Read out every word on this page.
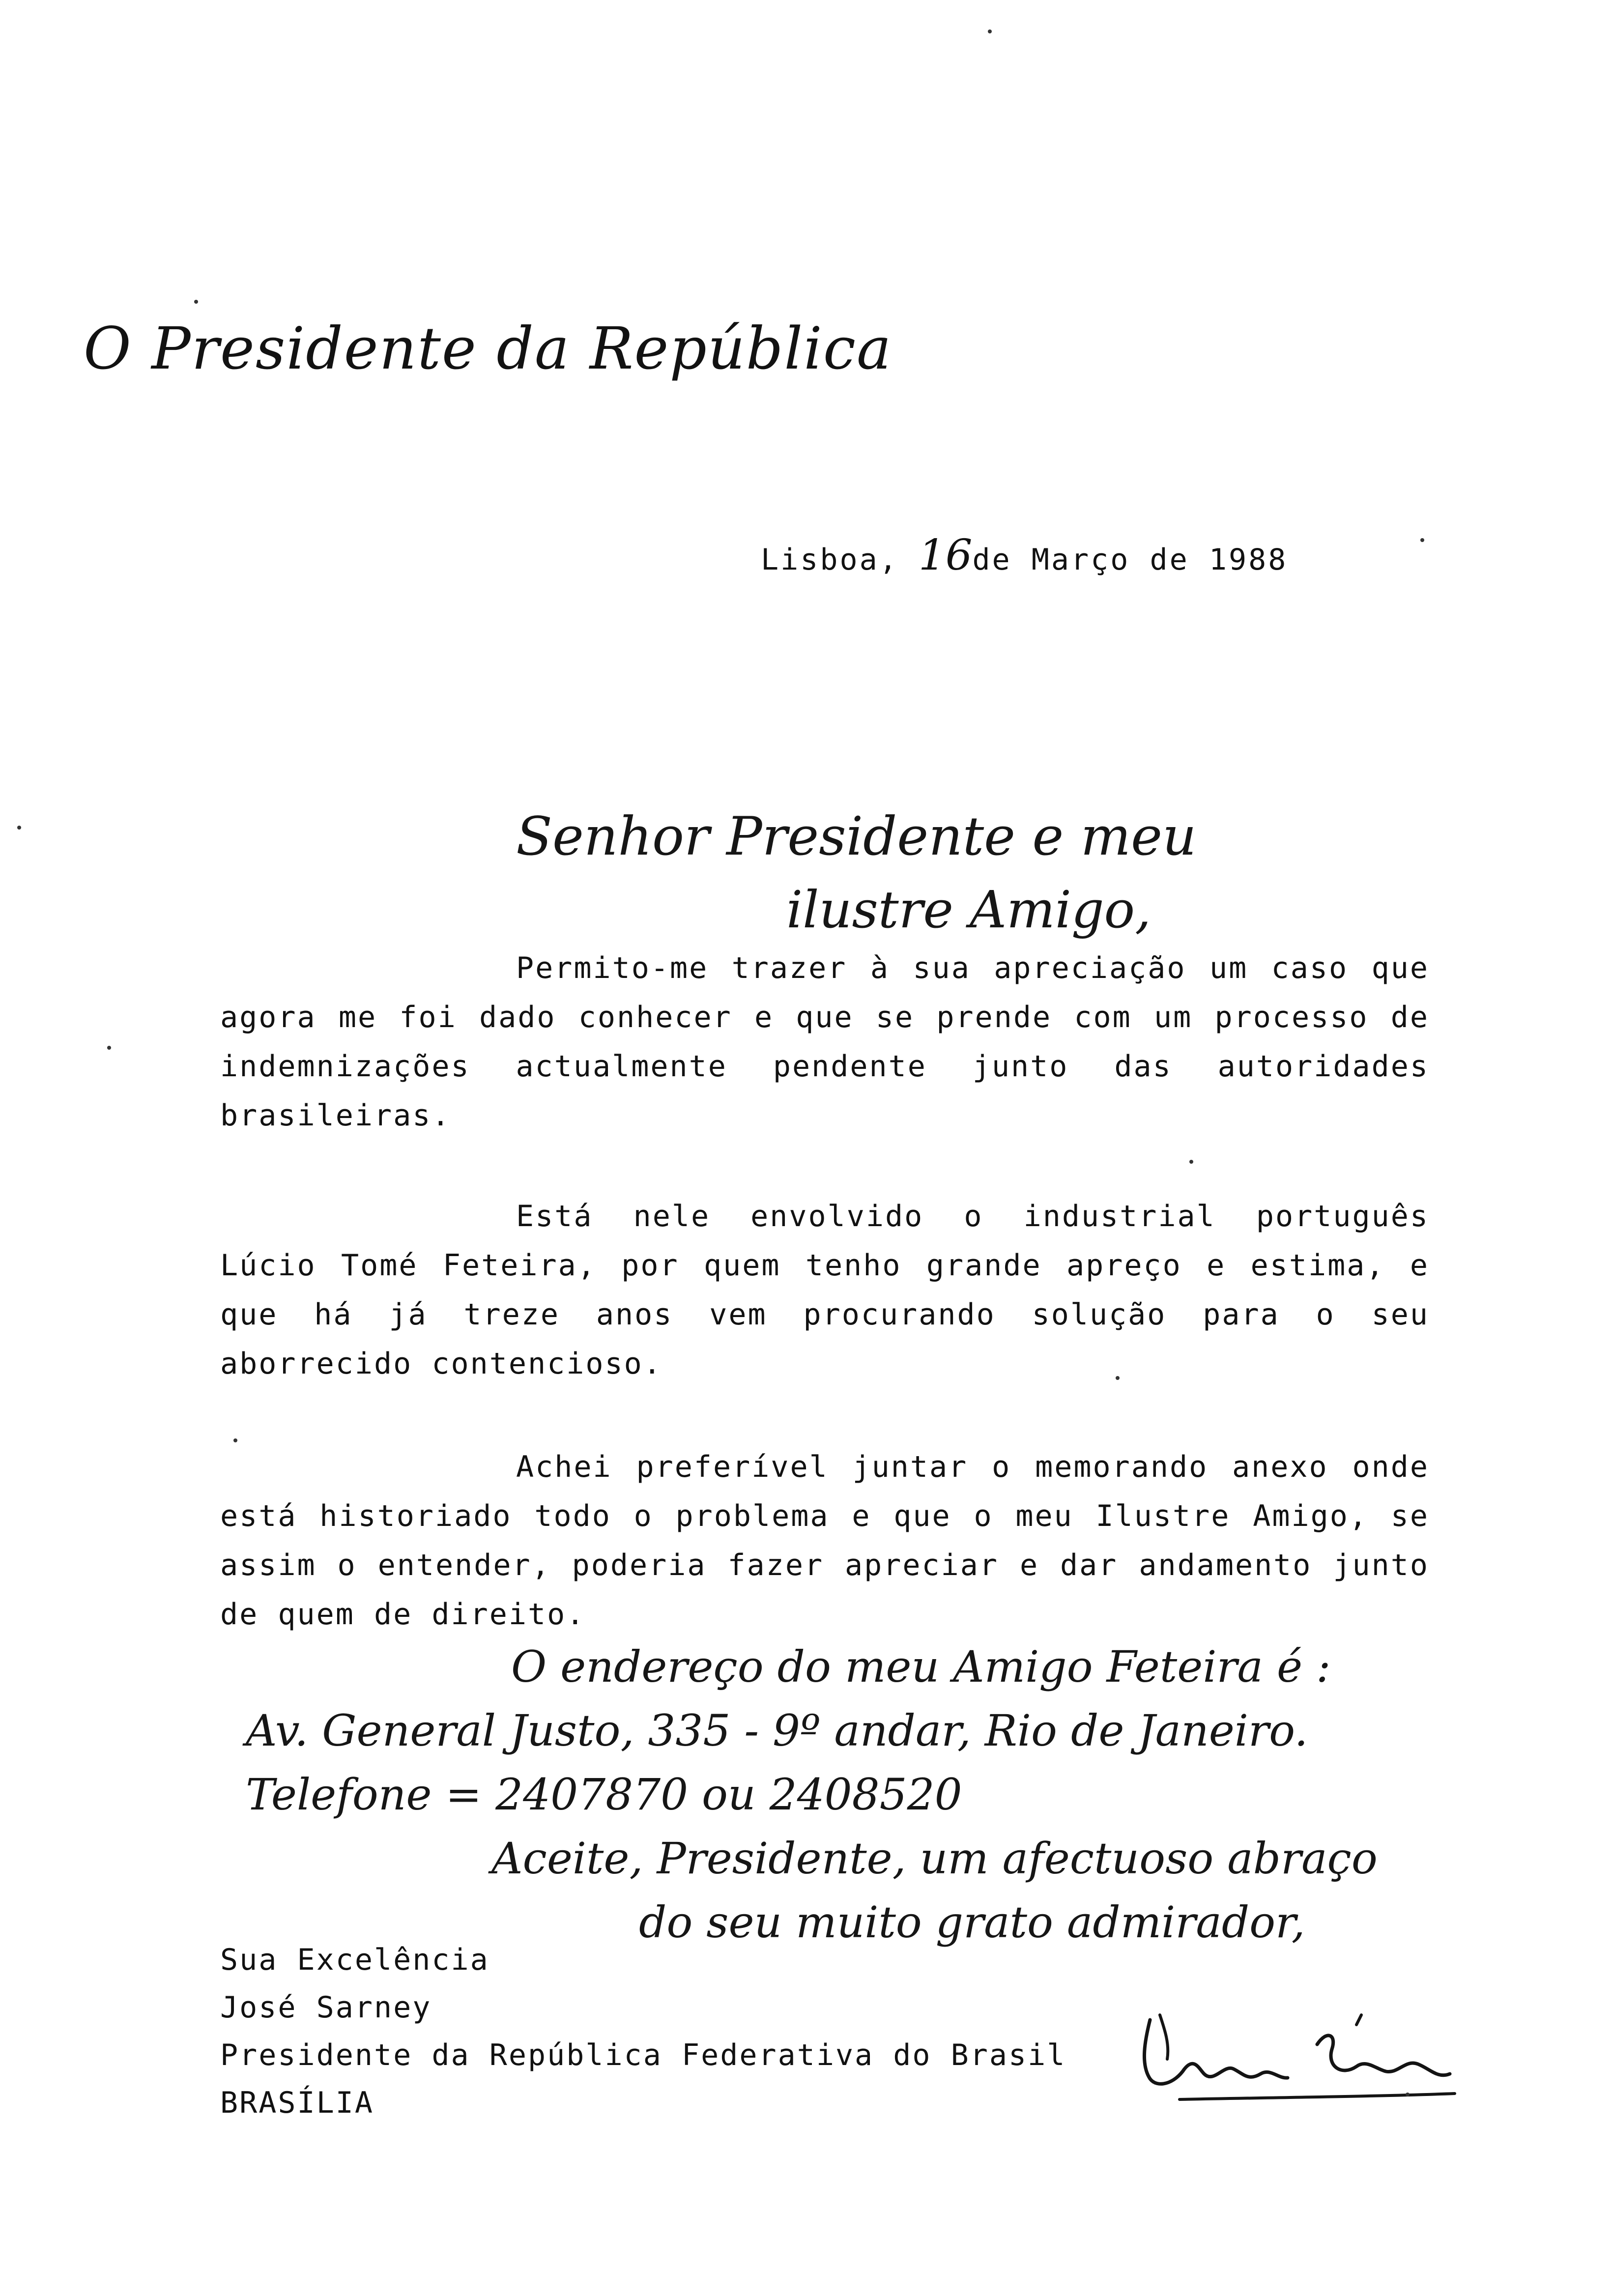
O Presidente da República
Lisboa, 16de Março de 1988
Senhor Presidente e meu
ilustre Amigo,
Permito-me trazer à sua apreciação um caso que agora me foi dado conhecer e que se prende com um processo de indemnizações actualmente pendente junto das autoridades brasileiras.
Está nele envolvido o industrial português Lúcio Tomé Feteira, por quem tenho grande apreço e estima, e que há já treze anos vem procurando solução para o seu aborrecido contencioso.
Achei preferível juntar o memorando anexo onde está historiado todo o problema e que o meu Ilustre Amigo, se assim o entender, poderia fazer apreciar e dar andamento junto de quem de direito.
O endereço do meu Amigo Feteira é :
Av. General Justo, 335 - 9º andar, Rio de Janeiro.
Telefone = 2407870 ou 2408520
Aceite, Presidente, um afectuoso abraço
do seu muito grato admirador,
Sua Excelência
José Sarney
Presidente da República Federativa do Brasil
BRASÍLIA
